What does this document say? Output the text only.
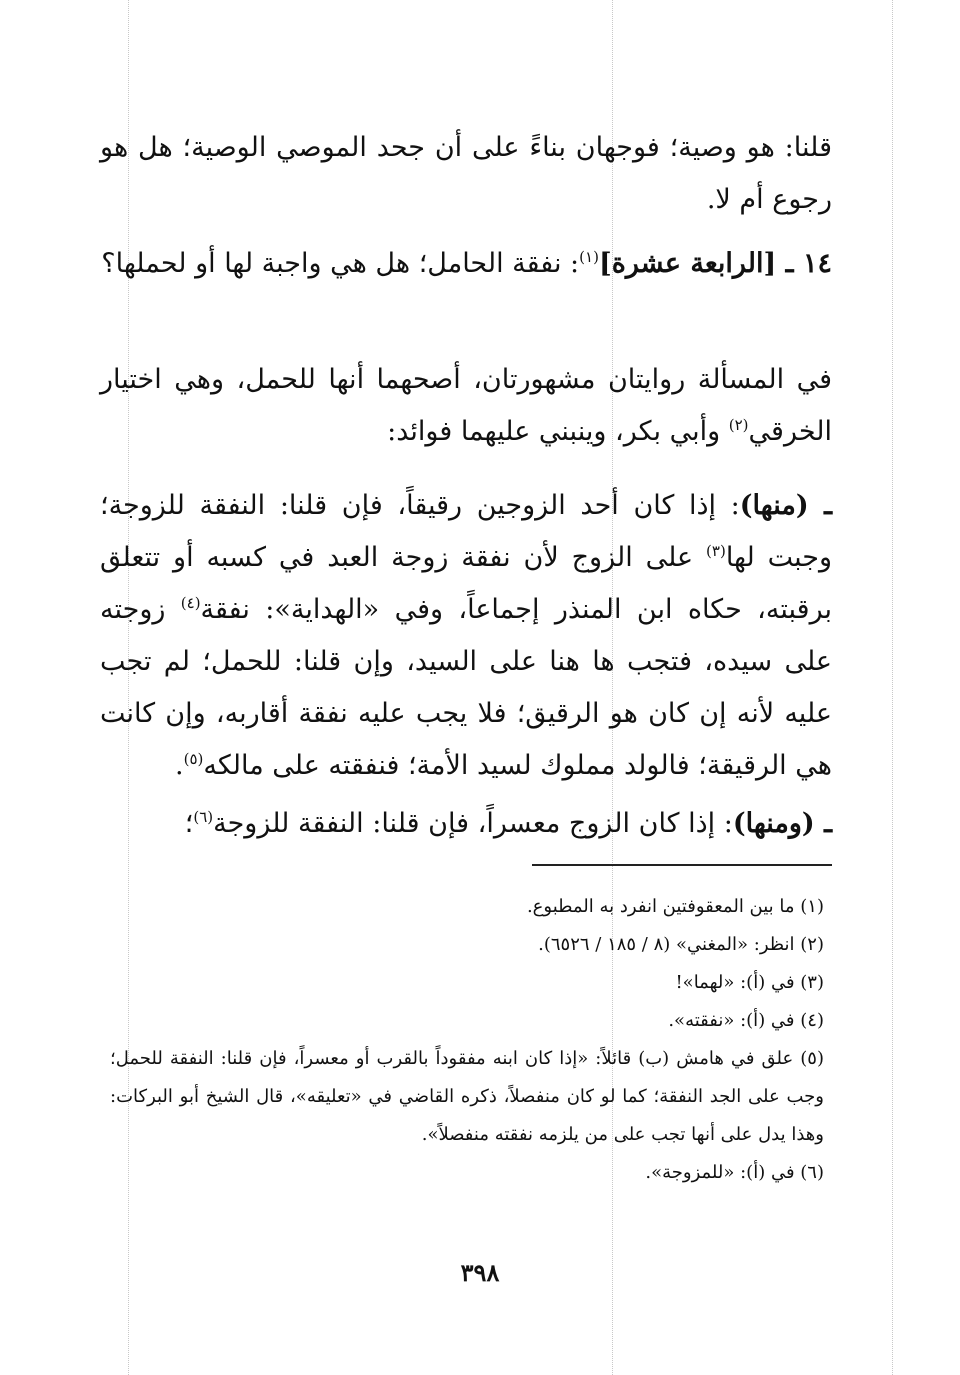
قلنا: هو وصية؛ فوجهان بناءً على أن جحد الموصي الوصية؛ هل هو رجوع أم لا.

١٤ ـ [الرابعة عشرة]$^{(١)}$: نفقة الحامل؛ هل هي واجبة لها أو لحملها؟

في المسألة روايتان مشهورتان، أصحهما أنها للحمل، وهي اختيار الخرقي$^{(٢)}$ وأبي بكر، وينبني عليهما فوائد:

ـ (منها): إذا كان أحد الزوجين رقيقاً، فإن قلنا: النفقة للزوجة؛ وجبت لها$^{(٣)}$ على الزوج لأن نفقة زوجة العبد في كسبه أو تتعلق برقبته، حكاه ابن المنذر إجماعاً، وفي «الهداية»: نفقة$^{(٤)}$ زوجته على سيده، فتجب ها هنا على السيد، وإن قلنا: للحمل؛ لم تجب عليه لأنه إن كان هو الرقيق؛ فلا يجب عليه نفقة أقاربه، وإن كانت هي الرقيقة؛ فالولد مملوك لسيد الأمة؛ فنفقته على مالكه$^{(٥)}$.

ـ (ومنها): إذا كان الزوج معسراً، فإن قلنا: النفقة للزوجة$^{(٦)}$؛

(١) ما بين المعقوفتين انفرد به المطبوع.

(٢) انظر: «المغني» (٨ / ١٨٥ / ٦٥٢٦).

(٣) في (أ): «لهما»!

(٤) في (أ): «نفقته».

(٥) علق في هامش (ب) قائلاً: «إذا كان ابنه مفقوداً بالقرب أو معسراً، فإن قلنا: النفقة للحمل؛ وجب على الجد النفقة؛ كما لو كان منفصلاً، ذكره القاضي في «تعليقه»، قال الشيخ أبو البركات: وهذا يدل على أنها تجب على من يلزمه نفقته منفصلاً».

(٦) في (أ): «للمزوجة».

٣٩٨
